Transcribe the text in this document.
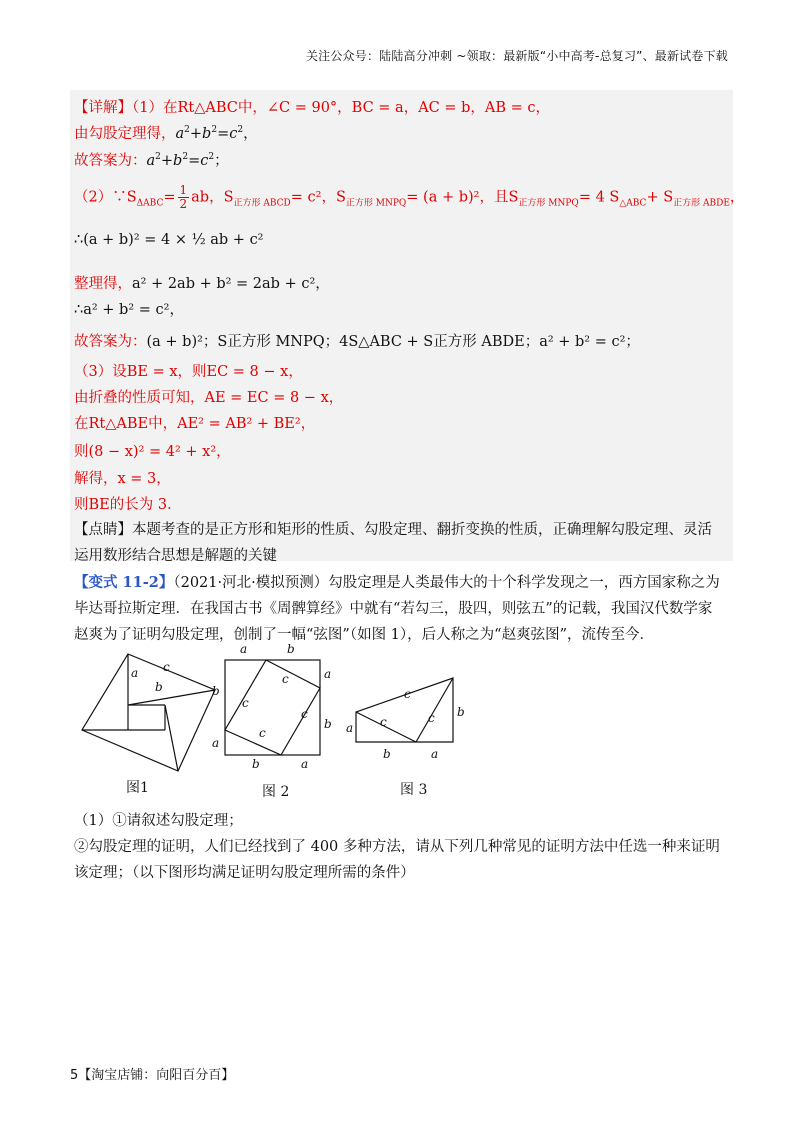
关注公众号：陆陆高分冲刺 ~领取：最新版“小中高考-总复习”、最新试卷下载
【详解】（1）在Rt△ABC中，∠C = 90°，BC = a，AC = b，AB = c，
由勾股定理得，$a^2+b^2=c^2$，
故答案为：$a^2+b^2=c^2$；
$(2)\because S_{\Delta ABC}= \frac{1}{2}$ ab，$S_{正方形 ABCD}= c^2$，$S_{正方形 MNPQ}= (a + b)^2$，且$S_{正方形 MNPQ}= 4$ $S_{\triangle ABC}+ S_{正方形 ABDE}$，
∴(a + b)² = 4 × ½ ab + c²
整理得，a² + 2ab + b² = 2ab + c²，
∴a² + b² = c²，
故答案为：(a + b)²；S正方形 MNPQ；4S△ABC + S正方形 ABDE；a² + b² = c²；
（3）设BE = x，则EC = 8 − x，
由折叠的性质可知，AE = EC = 8 − x，
在Rt△ABE中，AE² = AB² + BE²，
则(8 − x)² = 4² + x²，
解得，x = 3，
则BE的长为 3．
【点睛】本题考查的是正方形和矩形的性质、勾股定理、翻折变换的性质，正确理解勾股定理、灵活运用数形结合思想是解题的关键
【变式 11-2】（2021·河北·模拟预测）勾股定理是人类最伟大的十个科学发现之一，西方国家称之为毕达哥拉斯定理．在我国古书《周髀算经》中就有“若勾三，股四，则弦五”的记载，我国汉代数学家赵爽为了证明勾股定理，创制了一幅“弦图”（如图 1），后人称之为“赵爽弦图”，流传至今．
c
a
b
a	b
b
a
a
b
b	a
c
c
c
c
c
c	c
a
b
b	a
图1	图 2	图 3
（1）①请叙述勾股定理；
②勾股定理的证明，人们已经找到了 400 多种方法，请从下列几种常见的证明方法中任选一种来证明该定理；（以下图形均满足证明勾股定理所需的条件）
5【淘宝店铺：向阳百分百】
